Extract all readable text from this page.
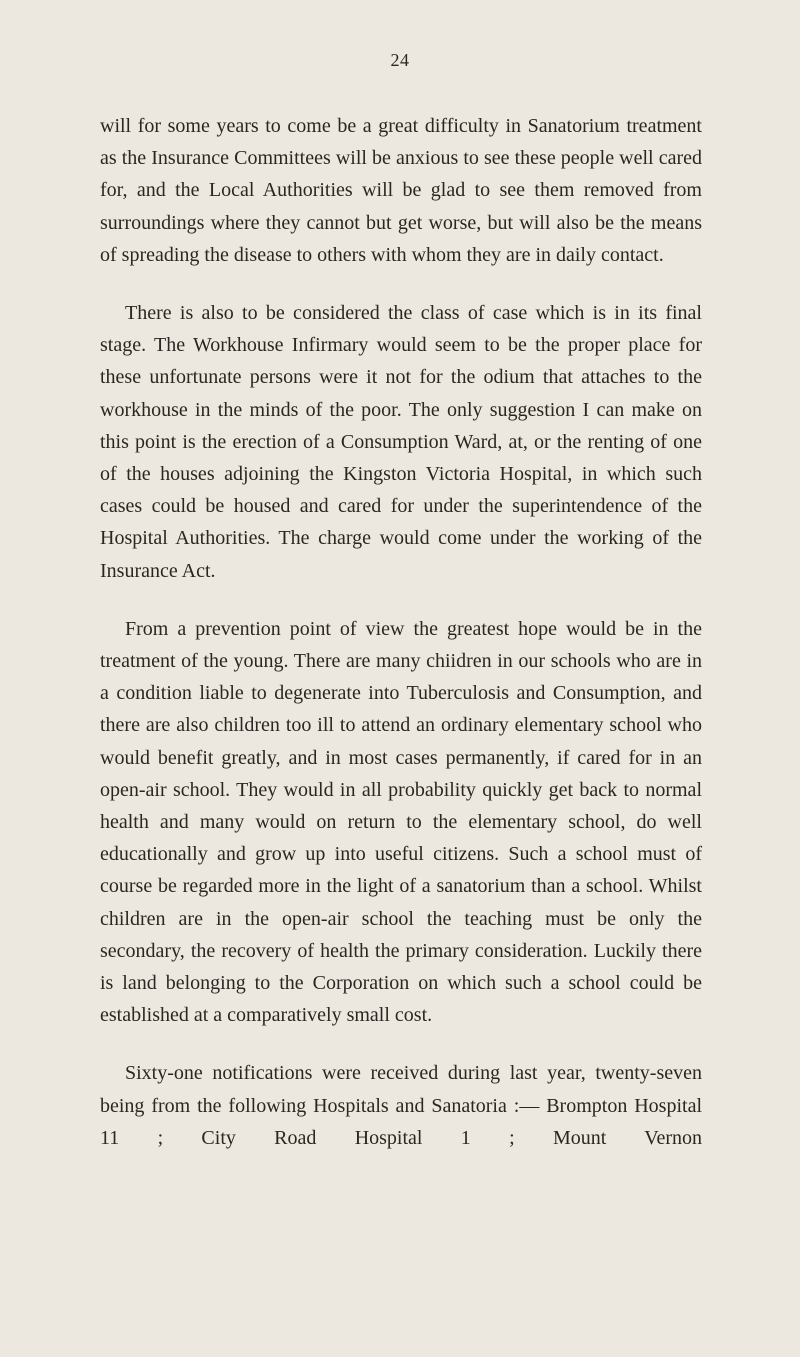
24

will for some years to come be a great difficulty in Sanatorium treatment as the Insurance Committees will be anxious to see these people well cared for, and the Local Authorities will be glad to see them removed from surroundings where they cannot but get worse, but will also be the means of spreading the disease to others with whom they are in daily contact.

There is also to be considered the class of case which is in its final stage. The Workhouse Infirmary would seem to be the proper place for these unfortunate persons were it not for the odium that attaches to the workhouse in the minds of the poor. The only suggestion I can make on this point is the erection of a Consumption Ward, at, or the renting of one of the houses adjoining the Kingston Victoria Hospital, in which such cases could be housed and cared for under the superintendence of the Hospital Authorities. The charge would come under the working of the Insurance Act.

From a prevention point of view the greatest hope would be in the treatment of the young. There are many chiidren in our schools who are in a condition liable to degenerate into Tuberculosis and Consumption, and there are also children too ill to attend an ordinary elementary school who would benefit greatly, and in most cases permanently, if cared for in an open-air school. They would in all probability quickly get back to normal health and many would on return to the elementary school, do well educationally and grow up into useful citizens. Such a school must of course be regarded more in the light of a sanatorium than a school. Whilst children are in the open-air school the teaching must be only the secondary, the recovery of health the primary consideration. Luckily there is land belonging to the Corporation on which such a school could be established at a comparatively small cost.

Sixty-one notifications were received during last year, twenty-seven being from the following Hospitals and Sanatoria :— Brompton Hospital 11 ; City Road Hospital 1 ; Mount Vernon
